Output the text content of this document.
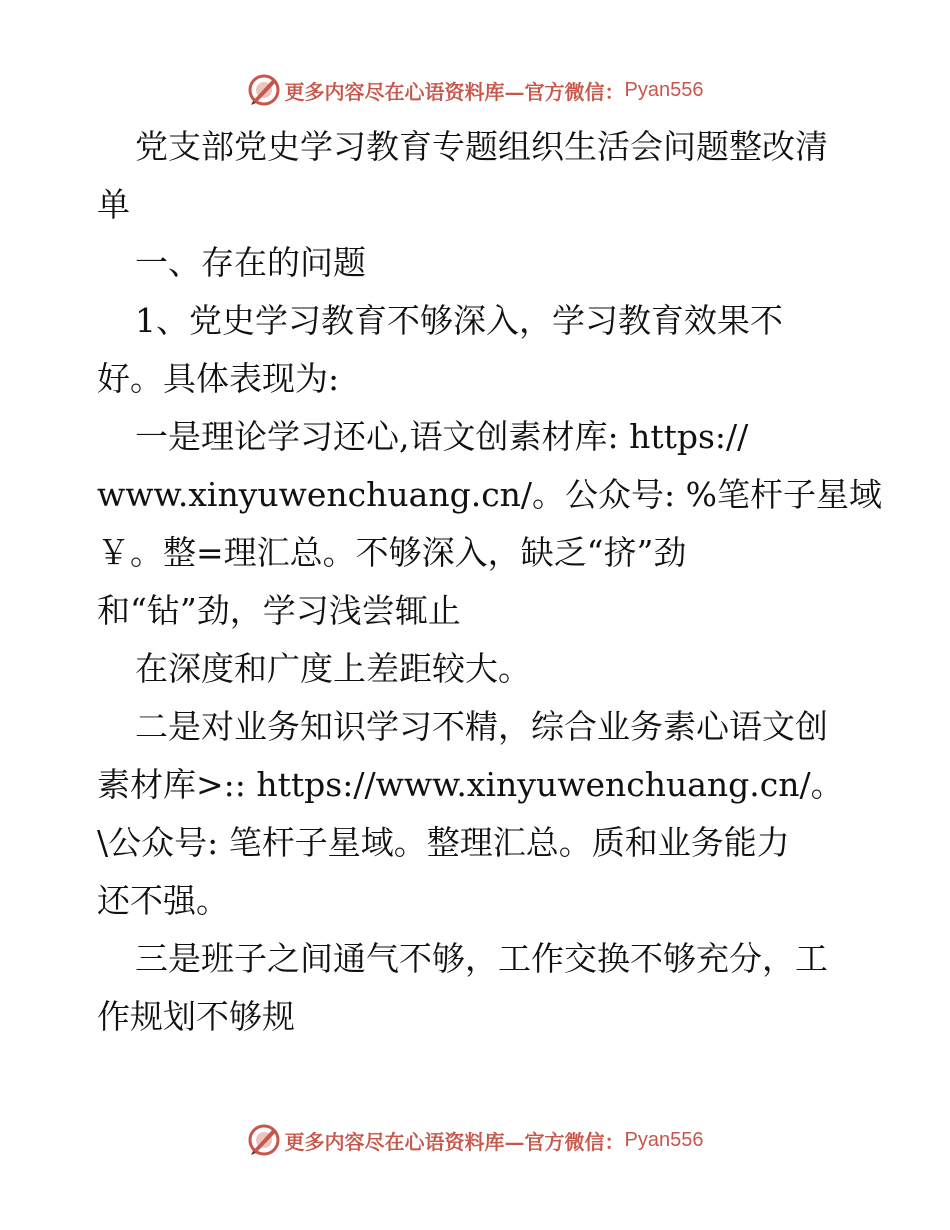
更多内容尽在心语资料库—官方微信： Pyan556
党支部党史学习教育专题组织生活会问题整改清
单
一、存在的问题
1、党史学习教育不够深入，学习教育效果不
好。具体表现为:
一是理论学习还心,语文创素材库: https://
www.xinyuwenchuang.cn/。公众号: %笔杆子星域
￥。整=理汇总。不够深入，缺乏“挤”劲
和“钻”劲，学习浅尝辄止
在深度和广度上差距较大。
二是对业务知识学习不精，综合业务素心语文创
素材库>:: https://www.xinyuwenchuang.cn/。
\公众号: 笔杆子星域。整理汇总。质和业务能力
还不强。
三是班子之间通气不够，工作交换不够充分，工
作规划不够规
更多内容尽在心语资料库—官方微信： Pyan556
